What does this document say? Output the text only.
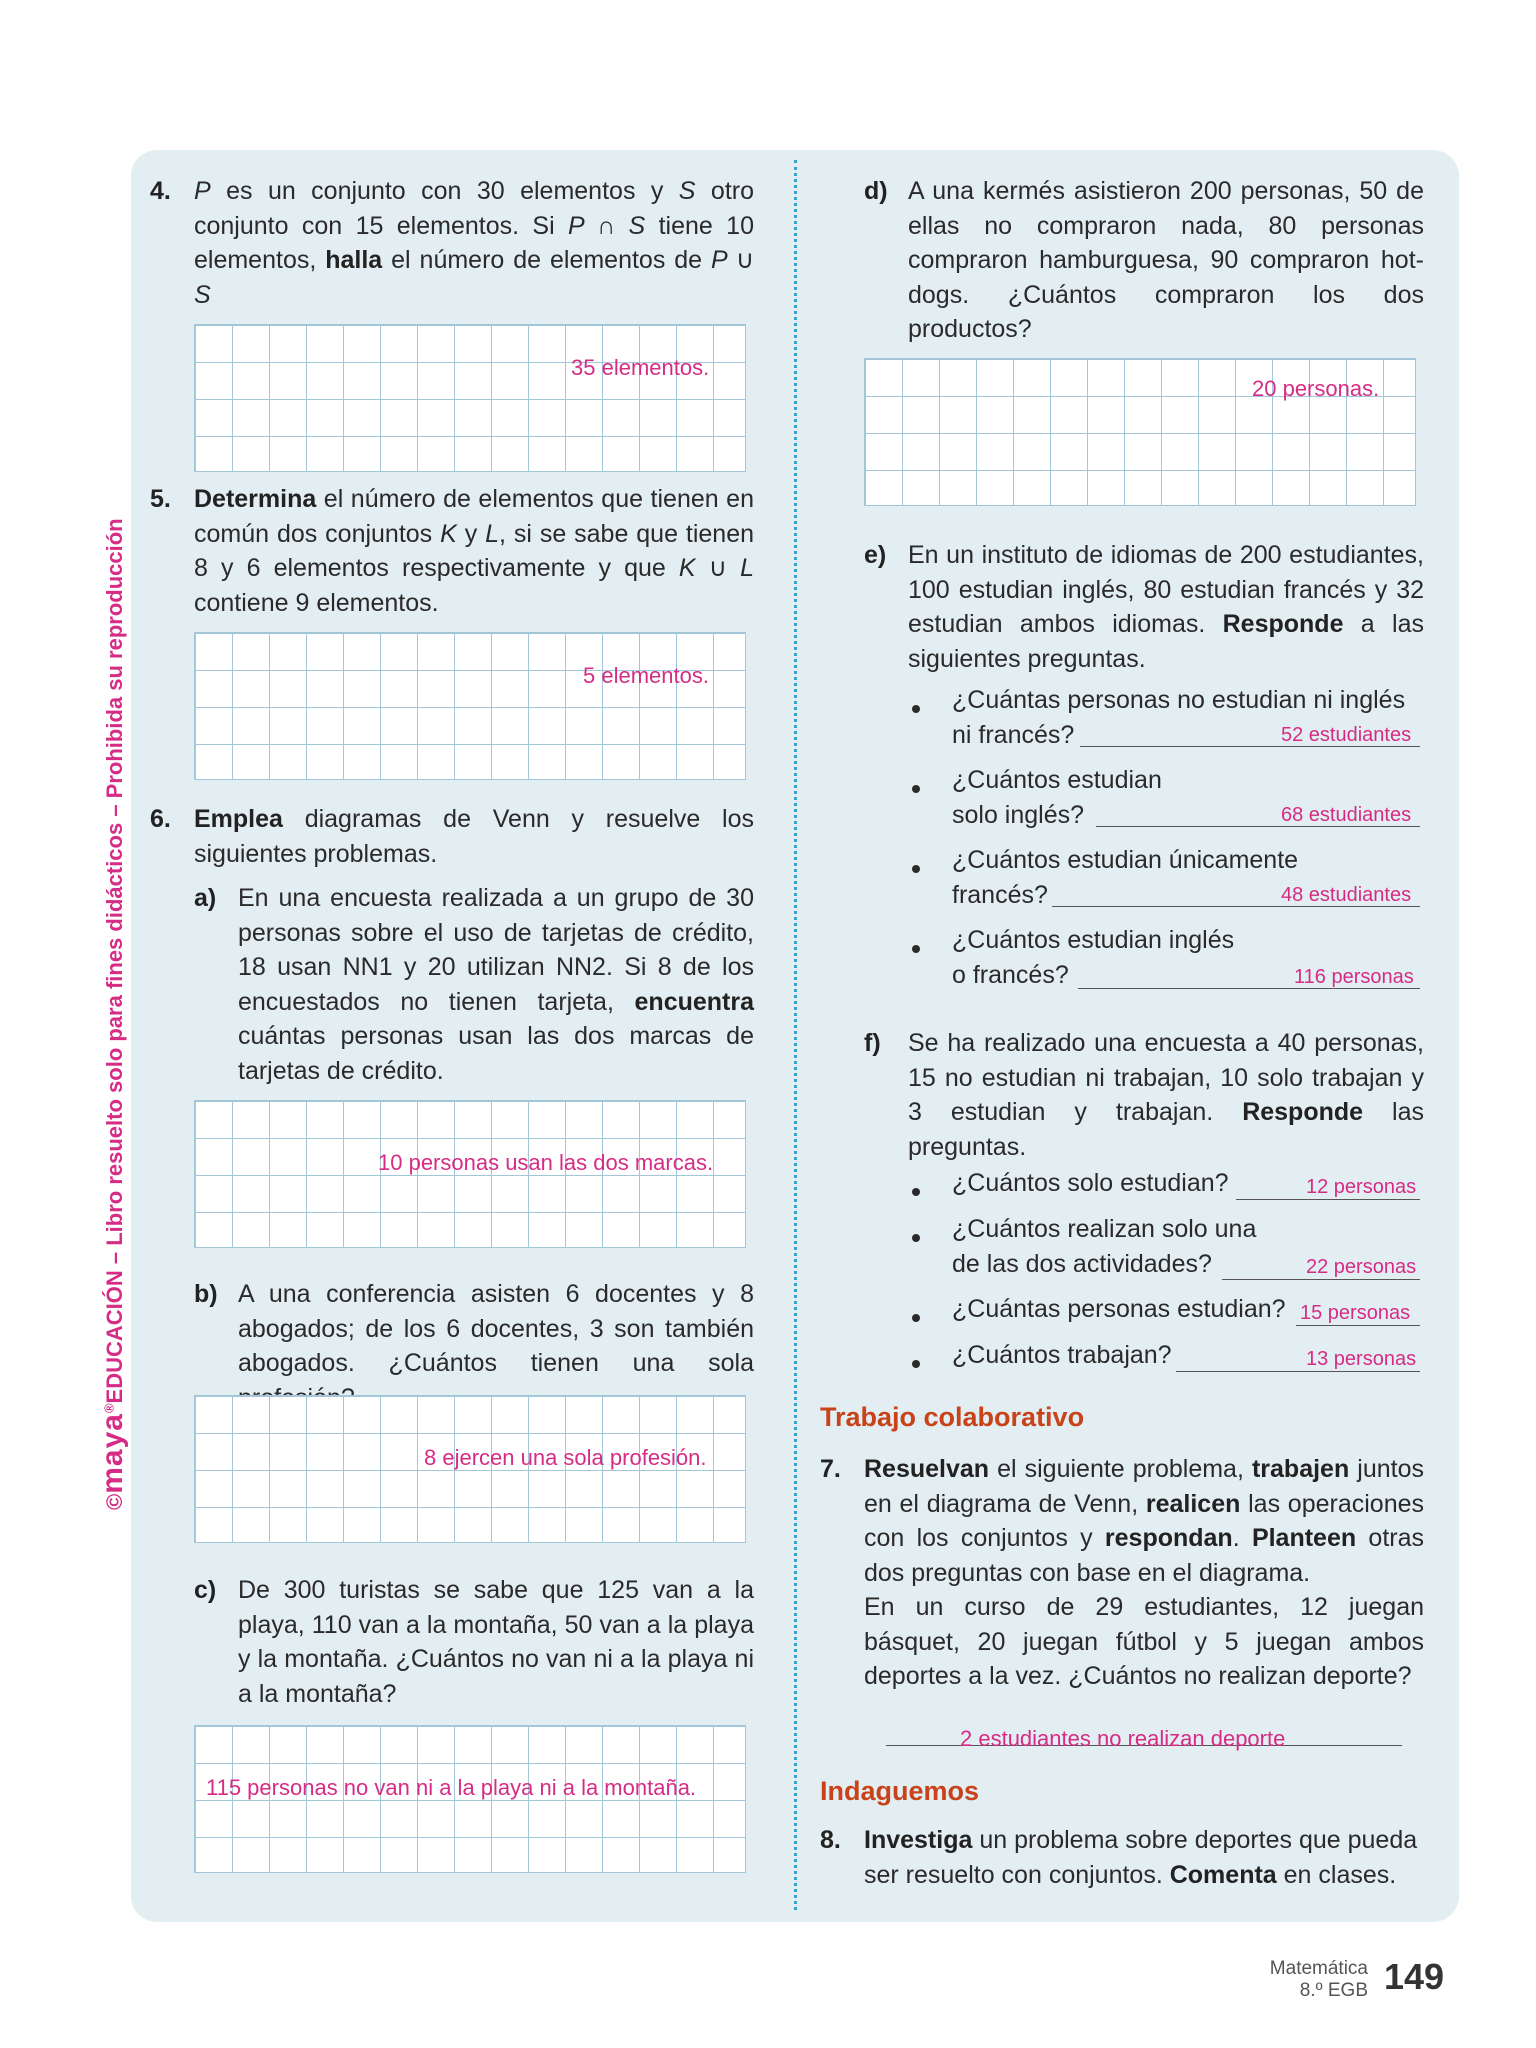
©maya®EDUCACIÓN – Libro resuelto solo para fines didácticos – Prohibida su reproducción
4. P es un conjunto con 30 elementos y S otro conjunto con 15 elementos. Si P ∩ S tiene 10 elementos, halla el número de elementos de P ∪ S
35 elementos.
5. Determina el número de elementos que tienen en común dos conjuntos K y L, si se sabe que tienen 8 y 6 elementos respectivamente y que K ∪ L contiene 9 elementos.
5 elementos.
6. Emplea diagramas de Venn y resuelve los siguientes problemas.
a) En una encuesta realizada a un grupo de 30 personas sobre el uso de tarjetas de crédito, 18 usan NN1 y 20 utilizan NN2. Si 8 de los encuestados no tienen tarjeta, encuentra cuántas personas usan las dos marcas de tarjetas de crédito.
10 personas usan las dos marcas.
b) A una conferencia asisten 6 docentes y 8 abogados; de los 6 docentes, 3 son también abogados. ¿Cuántos tienen una sola
8 ejercen una sola profesión.
c) De 300 turistas se sabe que 125 van a la playa, 110 van a la montaña, 50 van a la playa y la montaña. ¿Cuántos no van ni a la playa ni a la montaña?
115 personas no van ni a la playa ni a la montaña.
d) A una kermés asistieron 200 personas, 50 de ellas no compraron nada, 80 personas compraron hamburguesa, 90 compraron hot-dogs. ¿Cuántos compraron los dos productos?
20 personas.
e) En un instituto de idiomas de 200 estudiantes, 100 estudian inglés, 80 estudian francés y 32 estudian ambos idiomas. Responde a las siguientes preguntas.
¿Cuántas personas no estudian ni inglés
ni francés?	52 estudiantes
¿Cuántos estudian
solo inglés?	68 estudiantes
¿Cuántos estudian únicamente
francés?	48 estudiantes
¿Cuántos estudian inglés
o francés?	116 personas
f) Se ha realizado una encuesta a 40 personas, 15 no estudian ni trabajan, 10 solo trabajan y 3 estudian y trabajan. Responde las preguntas.
¿Cuántos solo estudian?	12 personas
¿Cuántos realizan solo una
de las dos actividades?	22 personas
¿Cuántas personas estudian? 15 personas
¿Cuántos trabajan?	13 personas
Trabajo colaborativo
7. Resuelvan el siguiente problema, trabajen juntos en el diagrama de Venn, realicen las operaciones con los conjuntos y respondan. Planteen otras dos preguntas con base en el diagrama.
En un curso de 29 estudiantes, 12 juegan básquet, 20 juegan fútbol y 5 juegan ambos deportes a la vez. ¿Cuántos no realizan deporte?
2 estudiantes no realizan deporte
Indaguemos
8. Investiga un problema sobre deportes que pueda ser resuelto con conjuntos. Comenta en clases.
Matemática
8.º EGB 149
